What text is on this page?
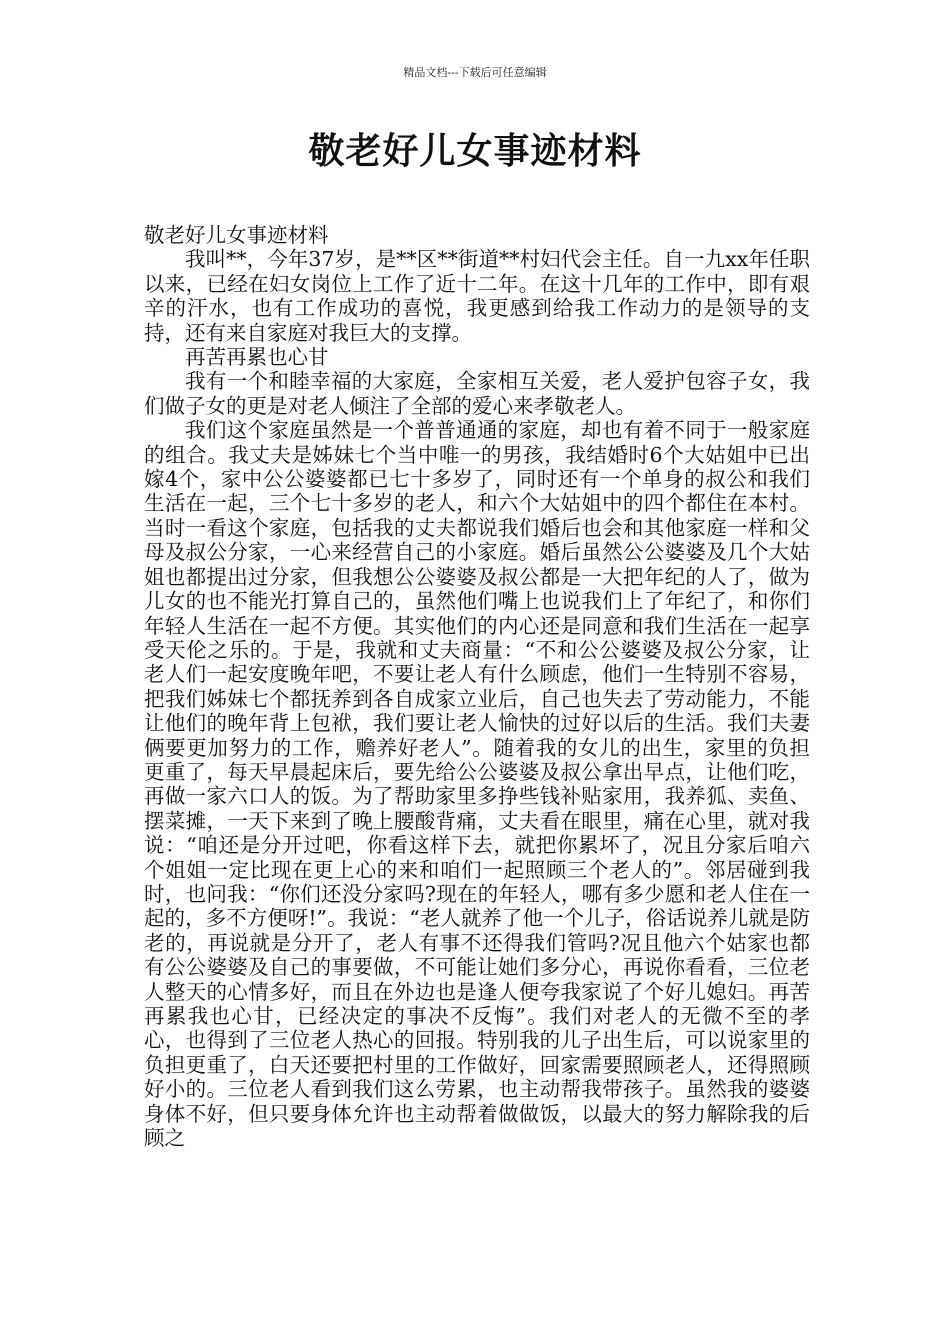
精品文档---下载后可任意编辑
敬老好儿女事迹材料

敬老好儿女事迹材料

我叫**，今年37岁，是**区**街道**村妇代会主任。自一九xx年任职以来，已经在妇女岗位上工作了近十二年。在这十几年的工作中，即有艰辛的汗水，也有工作成功的喜悦，我更感到给我工作动力的是领导的支持，还有来自家庭对我巨大的支撑。

再苦再累也心甘

我有一个和睦幸福的大家庭，全家相互关爱，老人爱护包容子女，我们做子女的更是对老人倾注了全部的爱心来孝敬老人。

我们这个家庭虽然是一个普普通通的家庭，却也有着不同于一般家庭的组合。我丈夫是姊妹七个当中唯一的男孩，我结婚时6个大姑姐中已出嫁4个，家中公公婆婆都已七十多岁了，同时还有一个单身的叔公和我们生活在一起，三个七十多岁的老人，和六个大姑姐中的四个都住在本村。当时一看这个家庭，包括我的丈夫都说我们婚后也会和其他家庭一样和父母及叔公分家，一心来经营自己的小家庭。婚后虽然公公婆婆及几个大姑姐也都提出过分家，但我想公公婆婆及叔公都是一大把年纪的人了，做为儿女的也不能光打算自己的，虽然他们嘴上也说我们上了年纪了，和你们年轻人生活在一起不方便。其实他们的内心还是同意和我们生活在一起享受天伦之乐的。于是，我就和丈夫商量：“不和公公婆婆及叔公分家，让老人们一起安度晚年吧，不要让老人有什么顾虑，他们一生特别不容易，把我们姊妹七个都抚养到各自成家立业后，自己也失去了劳动能力，不能让他们的晚年背上包袱，我们要让老人愉快的过好以后的生活。我们夫妻俩要更加努力的工作，赡养好老人”。随着我的女儿的出生，家里的负担更重了，每天早晨起床后，要先给公公婆婆及叔公拿出早点，让他们吃，再做一家六口人的饭。为了帮助家里多挣些钱补贴家用，我养狐、卖鱼、摆菜摊，一天下来到了晚上腰酸背痛，丈夫看在眼里，痛在心里，就对我说：“咱还是分开过吧，你看这样下去，就把你累坏了，况且分家后咱六个姐姐一定比现在更上心的来和咱们一起照顾三个老人的”。邻居碰到我时，也问我：“你们还没分家吗?现在的年轻人，哪有多少愿和老人住在一起的，多不方便呀!”。我说：“老人就养了他一个儿子，俗话说养儿就是防老的，再说就是分开了，老人有事不还得我们管吗?况且他六个姑家也都有公公婆婆及自己的事要做，不可能让她们多分心，再说你看看，三位老人整天的心情多好，而且在外边也是逢人便夸我家说了个好儿媳妇。再苦再累我也心甘，已经决定的事决不反悔”。我们对老人的无微不至的孝心，也得到了三位老人热心的回报。特别我的儿子出生后，可以说家里的负担更重了，白天还要把村里的工作做好，回家需要照顾老人，还得照顾好小的。三位老人看到我们这么劳累，也主动帮我带孩子。虽然我的婆婆身体不好，但只要身体允许也主动帮着做做饭，以最大的努力解除我的后顾之
